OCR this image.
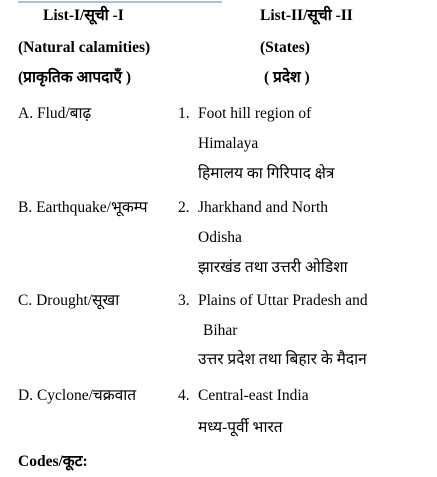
List-I/सूची -I	List-II/सूची -II
(Natural calamities)	(States)
(प्राकृतिक आपदाएँ )	( प्रदेश )
A. Flud/बाढ़	1. Foot hill region of
Himalaya
हिमालय का गिरिपाद क्षेत्र
B. Earthquake/भूकम्प 2. Jharkhand and North
Odisha
झारखंड तथा उत्तरी ओडिशा
C. Drought/सूखा	3. Plains of Uttar Pradesh and
Bihar
उत्तर प्रदेश तथा बिहार के मैदान
D. Cyclone/चक्रवात	4. Central-east India
मध्य-पूर्वी भारत
Codes/कूट:
